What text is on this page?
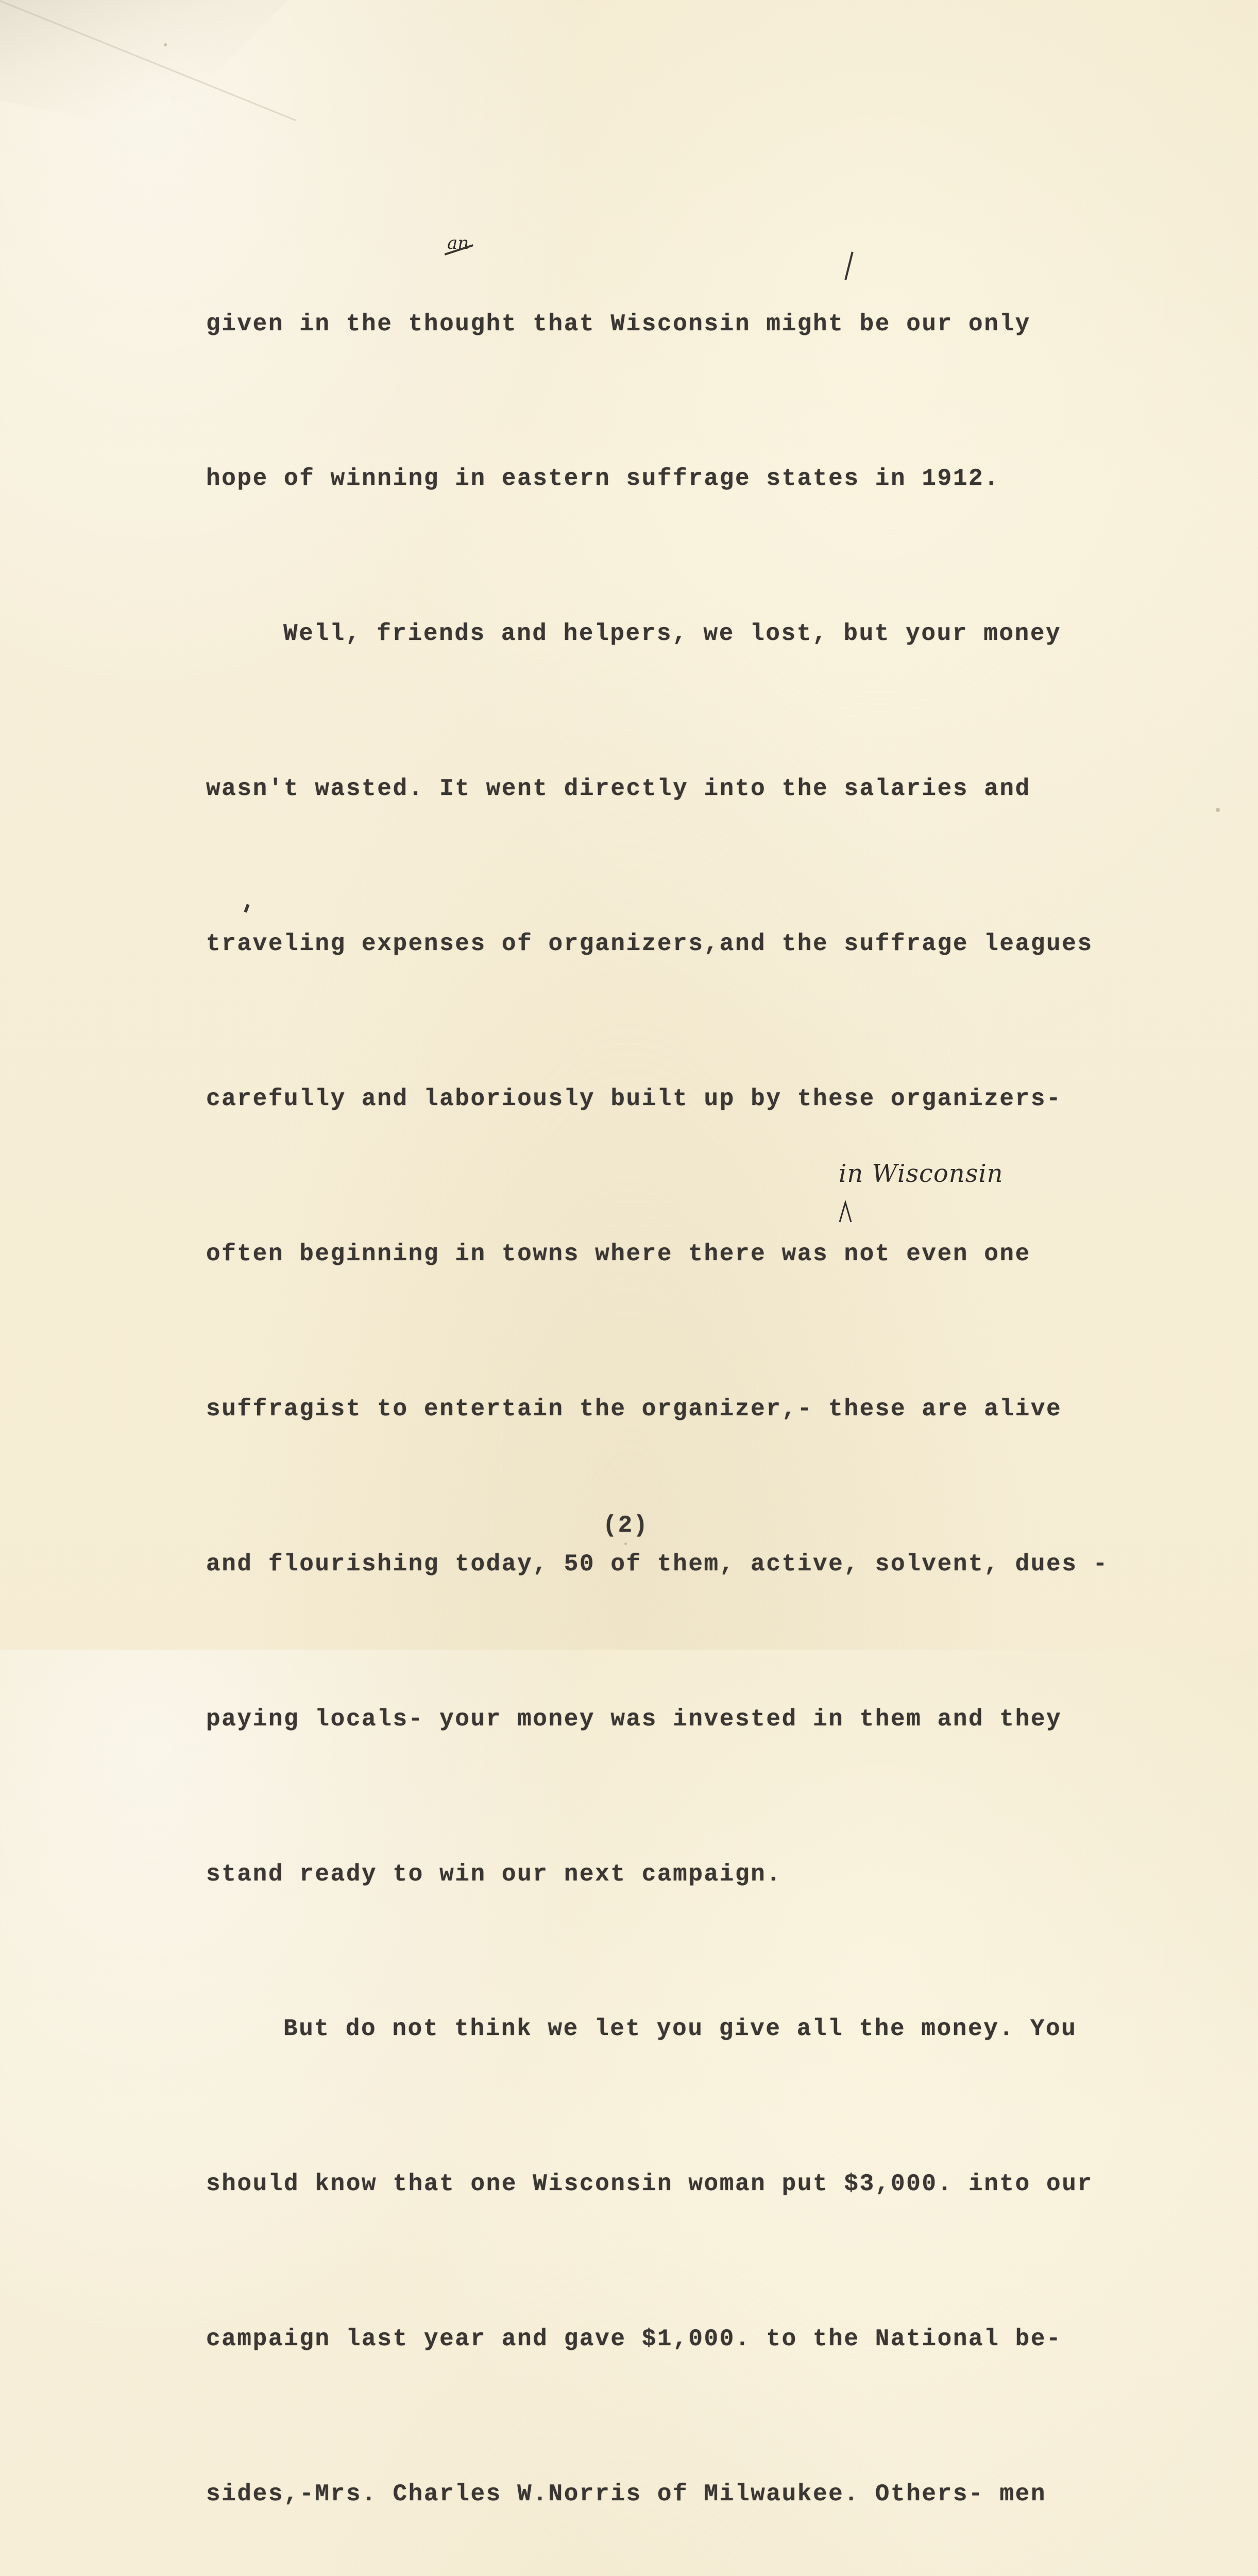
given in the thought that Wisconsin might be our only

hope of winning in eastern suffrage states in 1912.

Well, friends and helpers, we lost, but your money

wasn't wasted. It went directly into the salaries and

traveling expenses of organizers,and the suffrage leagues

carefully and laboriously built up by these organizers-

often beginning in towns where there was not even one

suffragist to entertain the organizer,- these are alive

and flourishing today, 50 of them, active, solvent, dues -

paying locals- your money was invested in them and they

stand ready to win our next campaign.

But do not think we let you give all the money. You

should know that one Wisconsin woman put $3,000. into our

campaign last year and gave $1,000. to the National be-

sides,-Mrs. Charles W.Norris of Milwaukee. Others- men

an
in Wisconsin
(2)
